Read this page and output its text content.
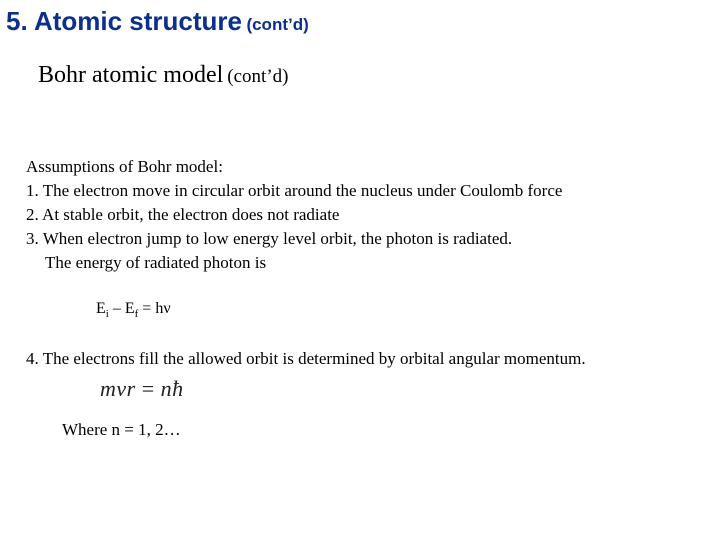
5. Atomic structure (cont’d)
Bohr atomic model (cont’d)
Assumptions of Bohr model:
1. The electron move in circular orbit around the nucleus under Coulomb force
2. At stable orbit, the electron does not radiate
3. When electron jump to low energy level orbit, the photon is radiated.
The energy of radiated photon is
$E_i - E_f = h\nu$
4. The electrons fill the allowed orbit is determined by orbital angular momentum.
mvr = nħ
Where n = 1, 2…
